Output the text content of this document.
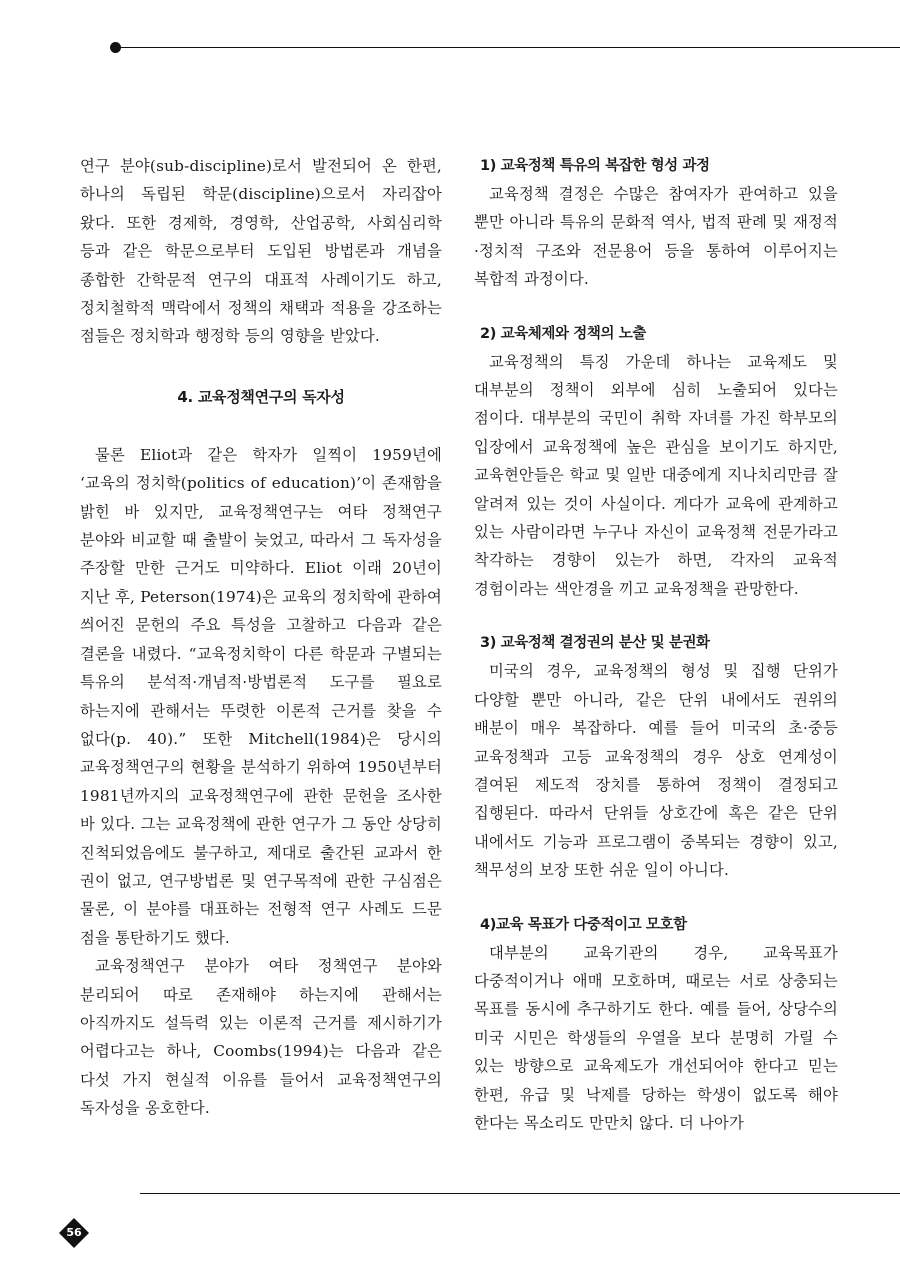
연구 분야(sub-discipline)로서 발전되어 온 한편, 하나의 독립된 학문(discipline)으로서 자리잡아 왔다. 또한 경제학, 경영학, 산업공학, 사회심리학 등과 같은 학문으로부터 도입된 방법론과 개념을 종합한 간학문적 연구의 대표적 사례이기도 하고, 정치철학적 맥락에서 정책의 채택과 적용을 강조하는 점들은 정치학과 행정학 등의 영향을 받았다.

4. 교육정책연구의 독자성

물론 Eliot과 같은 학자가 일찍이 1959년에 ‘교육의 정치학(politics of education)’이 존재함을 밝힌 바 있지만, 교육정책연구는 여타 정책연구 분야와 비교할 때 출발이 늦었고, 따라서 그 독자성을 주장할 만한 근거도 미약하다. Eliot 이래 20년이 지난 후, Peterson(1974)은 교육의 정치학에 관하여 씌어진 문헌의 주요 특성을 고찰하고 다음과 같은 결론을 내렸다. “교육정치학이 다른 학문과 구별되는 특유의 분석적·개념적·방법론적 도구를 필요로 하는지에 관해서는 뚜렷한 이론적 근거를 찾을 수 없다(p. 40).” 또한 Mitchell(1984)은 당시의 교육정책연구의 현황을 분석하기 위하여 1950년부터 1981년까지의 교육정책연구에 관한 문헌을 조사한 바 있다. 그는 교육정책에 관한 연구가 그 동안 상당히 진척되었음에도 불구하고, 제대로 출간된 교과서 한 권이 없고, 연구방법론 및 연구목적에 관한 구심점은 물론, 이 분야를 대표하는 전형적 연구 사례도 드문 점을 통탄하기도 했다.

교육정책연구 분야가 여타 정책연구 분야와 분리되어 따로 존재해야 하는지에 관해서는 아직까지도 설득력 있는 이론적 근거를 제시하기가 어렵다고는 하나, Coombs(1994)는 다음과 같은 다섯 가지 현실적 이유를 들어서 교육정책연구의 독자성을 옹호한다.

1) 교육정책 특유의 복잡한 형성 과정

교육정책 결정은 수많은 참여자가 관여하고 있을 뿐만 아니라 특유의 문화적 역사, 법적 판례 및 재정적·정치적 구조와 전문용어 등을 통하여 이루어지는 복합적 과정이다.

2) 교육체제와 정책의 노출

교육정책의 특징 가운데 하나는 교육제도 및 대부분의 정책이 외부에 심히 노출되어 있다는 점이다. 대부분의 국민이 취학 자녀를 가진 학부모의 입장에서 교육정책에 높은 관심을 보이기도 하지만, 교육현안들은 학교 및 일반 대중에게 지나치리만큼 잘 알려져 있는 것이 사실이다. 게다가 교육에 관계하고 있는 사람이라면 누구나 자신이 교육정책 전문가라고 착각하는 경향이 있는가 하면, 각자의 교육적 경험이라는 색안경을 끼고 교육정책을 관망한다.

3) 교육정책 결정권의 분산 및 분권화

미국의 경우, 교육정책의 형성 및 집행 단위가 다양할 뿐만 아니라, 같은 단위 내에서도 권위의 배분이 매우 복잡하다. 예를 들어 미국의 초·중등 교육정책과 고등 교육정책의 경우 상호 연계성이 결여된 제도적 장치를 통하여 정책이 결정되고 집행된다. 따라서 단위들 상호간에 혹은 같은 단위 내에서도 기능과 프로그램이 중복되는 경향이 있고, 책무성의 보장 또한 쉬운 일이 아니다.

4)교육 목표가 다중적이고 모호함

대부분의 교육기관의 경우, 교육목표가 다중적이거나 애매 모호하며, 때로는 서로 상충되는 목표를 동시에 추구하기도 한다. 예를 들어, 상당수의 미국 시민은 학생들의 우열을 보다 분명히 가릴 수 있는 방향으로 교육제도가 개선되어야 한다고 믿는 한편, 유급 및 낙제를 당하는 학생이 없도록 해야 한다는 목소리도 만만치 않다. 더 나아가

56
